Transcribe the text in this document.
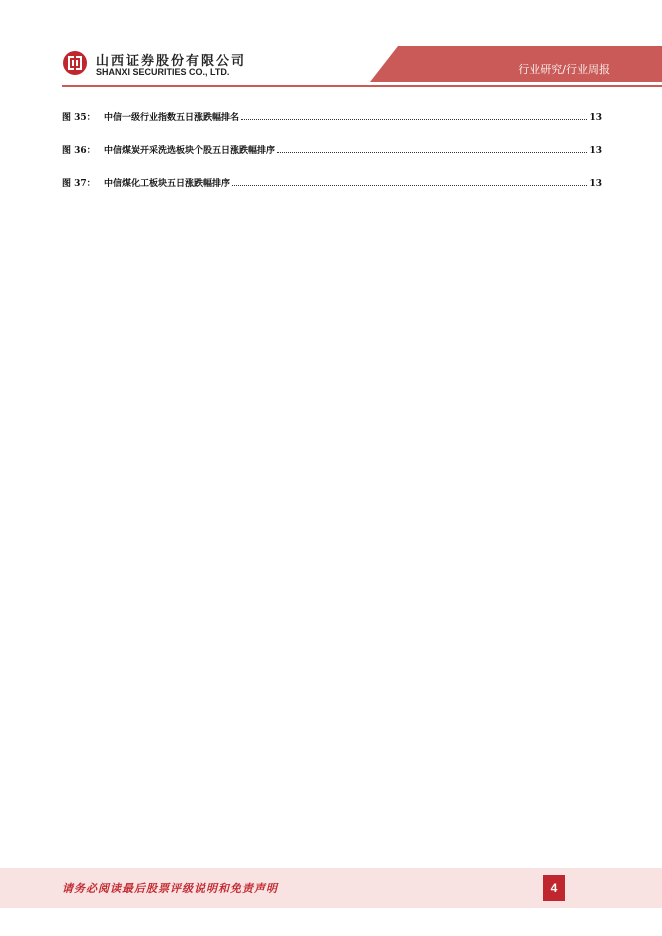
山西证券股份有限公司
SHANXI SECURITIES CO., LTD.	行业研究/行业周报
图 35： 中信一级行业指数五日涨跌幅排名	13
图 36： 中信煤炭开采洗选板块个股五日涨跌幅排序	13
图 37： 中信煤化工板块五日涨跌幅排序	13
请务必阅读最后股票评级说明和免责声明	4
